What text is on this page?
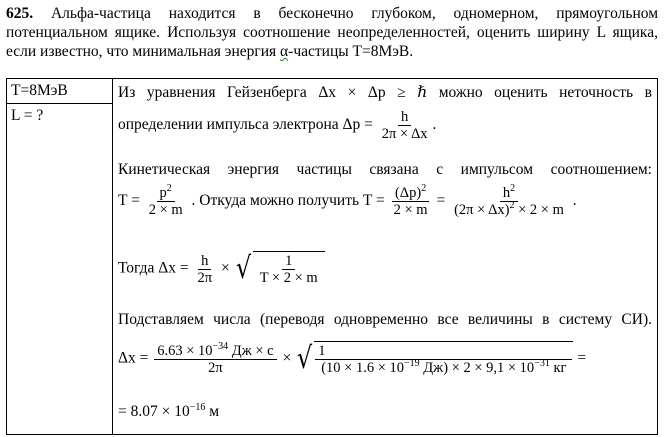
625. Альфа-частица находится в бесконечно глубоком, одномерном, прямоугольном потенциальном ящике. Используя соотношение неопределенностей, оценить ширину L ящика, если известно, что минимальная энергия α-частицы T=8МэВ.
T=8МэВ
L = ?

Из уравнения Гейзенберга Δx × Δp ≥ ℏ можно оценить неточность в
определении импульса электрона $\Delta p = \frac{h}{2\pi \times \Delta x}$ .
Кинетическая энергия частицы связана с импульсом соотношением:
$T = \frac{p^2}{2 \times m}$ . Откуда можно получить $T = \frac{(\Delta p)^2}{2 \times m} = \frac{h^2}{(2\pi \times \Delta x)^2 \times 2 \times m}$ .
Тогда $\Delta x = \frac{h}{2\pi}$ × √ $\frac{1}{T \times 2 \times m}$
Подставляем числа (переводя одновременно все величины в систему СИ).
$\Delta x = \frac{6.63 \times 10^{-34} Дж \times с}{2\pi}$ × √ $\frac{1}{(10 \times 1.6 \times 10^{-19} Дж) \times 2 \times 9,1 \times 10^{-31} кг}$ =
= $8.07 \times 10^{-16}$ м
